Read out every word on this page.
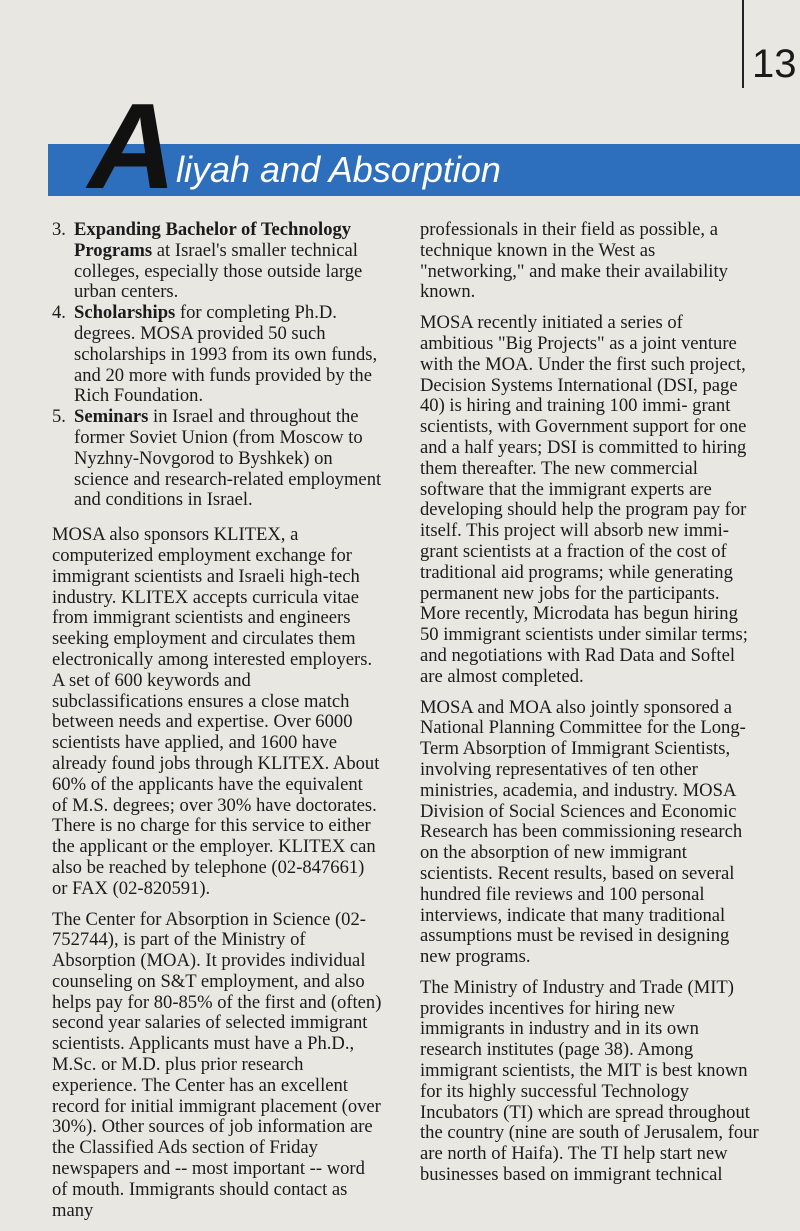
13
A liyah and Absorption
3. Expanding Bachelor of Technology Programs at Israel's smaller technical colleges, especially those outside large urban centers.
4. Scholarships for completing Ph.D. degrees. MOSA provided 50 such scholarships in 1993 from its own funds, and 20 more with funds provided by the Rich Foundation.
5. Seminars in Israel and throughout the former Soviet Union (from Moscow to Nyzhny-Novgorod to Byshkek) on science and research-related employment and conditions in Israel.

MOSA also sponsors KLITEX, a computerized employment exchange for immigrant scientists and Israeli high-tech industry. KLITEX accepts curricula vitae from immigrant scientists and engineers seeking employment and circulates them electronically among interested employers. A set of 600 keywords and subclassifications ensures a close match between needs and expertise. Over 6000 scientists have applied, and 1600 have already found jobs through KLITEX. About 60% of the applicants have the equivalent of M.S. degrees; over 30% have doctorates. There is no charge for this service to either the applicant or the employer. KLITEX can also be reached by telephone (02-847661) or FAX (02-820591).

The Center for Absorption in Science (02-752744), is part of the Ministry of Absorption (MOA). It provides individual counseling on S&T employment, and also helps pay for 80-85% of the first and (often) second year salaries of selected immigrant scientists. Applicants must have a Ph.D., M.Sc. or M.D. plus prior research experience. The Center has an excellent record for initial immigrant placement (over 30%). Other sources of job information are the Classified Ads section of Friday newspapers and -- most important -- word of mouth. Immigrants should contact as many

professionals in their field as possible, a technique known in the West as "networking," and make their availability known.

MOSA recently initiated a series of ambitious "Big Projects" as a joint venture with the MOA. Under the first such project, Decision Systems International (DSI, page 40) is hiring and training 100 immi- grant scientists, with Government support for one and a half years; DSI is committed to hiring them thereafter. The new commercial software that the immigrant experts are developing should help the program pay for itself. This project will absorb new immi- grant scientists at a fraction of the cost of traditional aid programs; while generating permanent new jobs for the participants. More recently, Microdata has begun hiring 50 immigrant scientists under similar terms; and negotiations with Rad Data and Softel are almost completed.

MOSA and MOA also jointly sponsored a National Planning Committee for the Long-Term Absorption of Immigrant Scientists, involving representatives of ten other ministries, academia, and industry. MOSA Division of Social Sciences and Economic Research has been commissioning research on the absorption of new immigrant scientists. Recent results, based on several hundred file reviews and 100 personal interviews, indicate that many traditional assumptions must be revised in designing new programs.

The Ministry of Industry and Trade (MIT) provides incentives for hiring new immigrants in industry and in its own research institutes (page 38). Among immigrant scientists, the MIT is best known for its highly successful Technology Incubators (TI) which are spread throughout the country (nine are south of Jerusalem, four are north of Haifa). The TI help start new businesses based on immigrant technical
